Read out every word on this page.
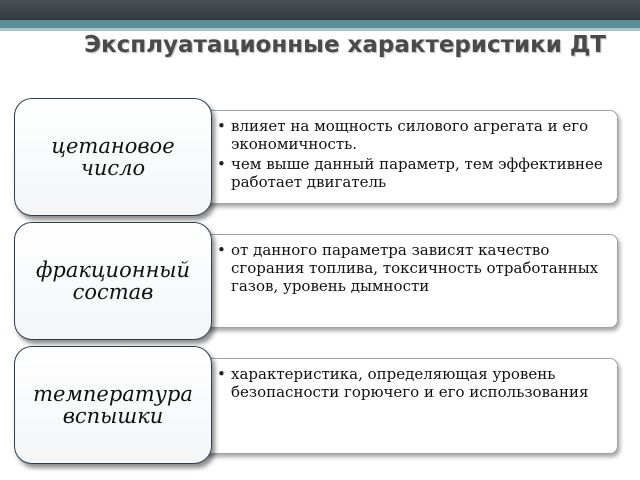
Эксплуатационные характеристики ДТ
• влияет на мощность силового агрегата и его экономичность.
• чем выше данный параметр, тем эффективнее работает двигатель
цетановое число
• от данного параметра зависят качество сгорания топлива, токсичность отработанных газов, уровень дымности
фракционный состав
• характеристика, определяющая уровень безопасности горючего и его использования
температура вспышки
